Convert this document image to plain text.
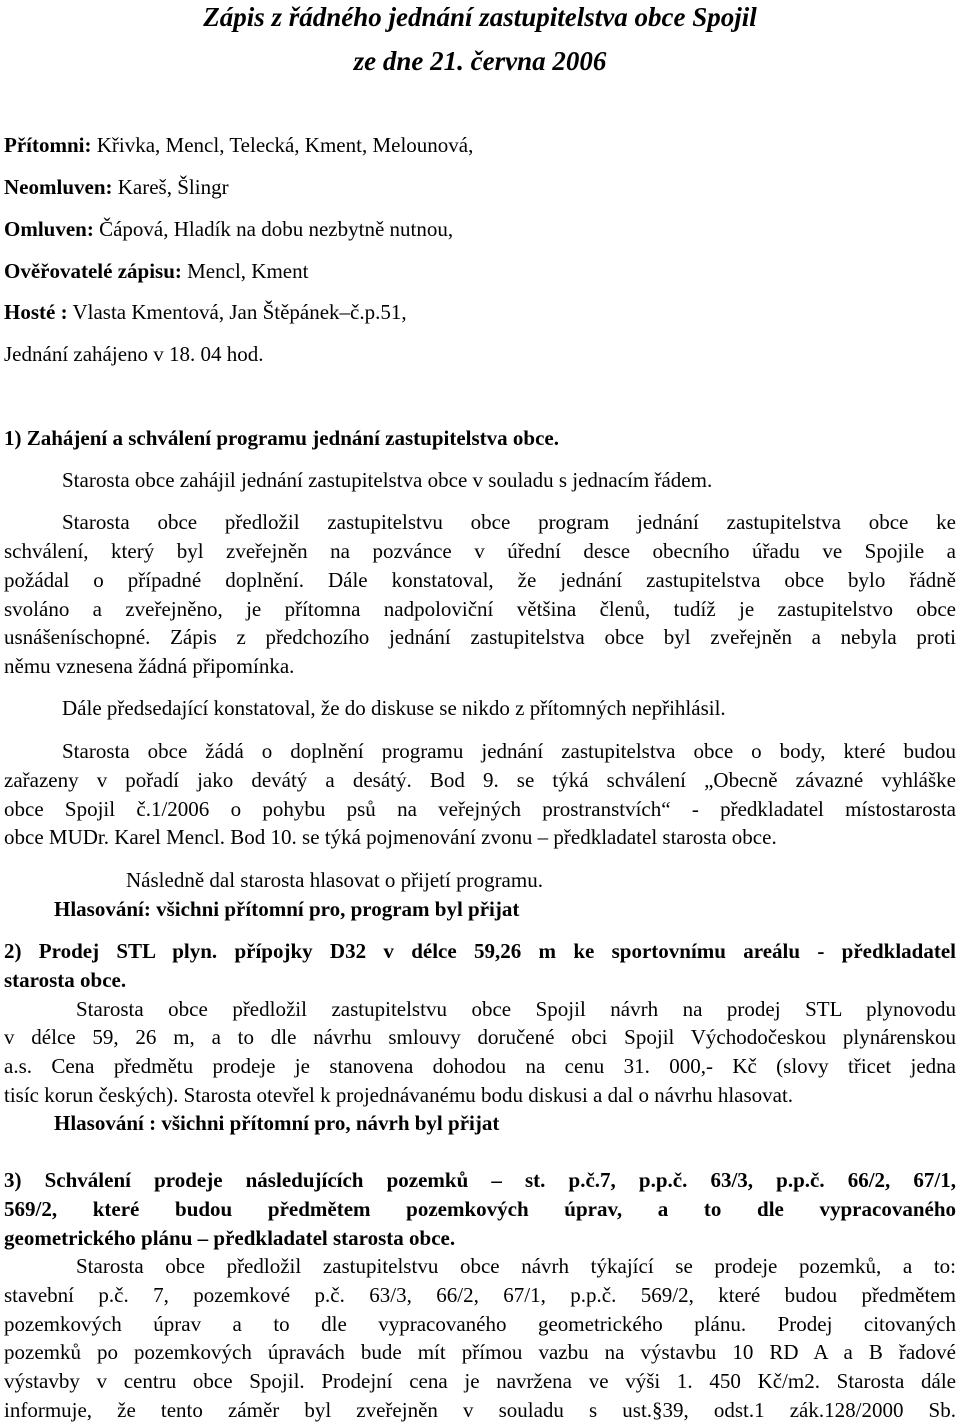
Zápis z řádného jednání zastupitelstva obce Spojil
ze dne 21. června 2006
Přítomni: Křivka, Mencl, Telecká, Kment, Melounová,
Neomluven: Kareš, Šlingr
Omluven: Čápová, Hladík na dobu nezbytně nutnou,
Ověřovatelé zápisu: Mencl, Kment
Hosté : Vlasta Kmentová, Jan Štěpánek–č.p.51,
Jednání zahájeno v 18. 04 hod.
1) Zahájení a schválení programu jednání zastupitelstva obce.
Starosta obce zahájil jednání zastupitelstva obce v souladu s jednacím řádem.
Starosta obce předložil zastupitelstvu obce program jednání zastupitelstva obce ke
schválení, který byl zveřejněn na pozvánce v úřední desce obecního úřadu ve Spojile a
požádal o případné doplnění. Dále konstatoval, že jednání zastupitelstva obce bylo řádně
svoláno a zveřejněno, je přítomna nadpoloviční většina členů, tudíž je zastupitelstvo obce
usnášeníschopné. Zápis z předchozího jednání zastupitelstva obce byl zveřejněn a nebyla proti
němu vznesena žádná připomínka.
Dále předsedající konstatoval, že do diskuse se nikdo z přítomných nepřihlásil.
Starosta obce žádá o doplnění programu jednání zastupitelstva obce o body, které budou
zařazeny v pořadí jako devátý a desátý. Bod 9. se týká schválení „Obecně závazné vyhláške
obce Spojil č.1/2006 o pohybu psů na veřejných prostranstvích“ - předkladatel místostarosta
obce MUDr. Karel Mencl. Bod 10. se týká pojmenování zvonu – předkladatel starosta obce.
Následně dal starosta hlasovat o přijetí programu.
Hlasování: všichni přítomní pro, program byl přijat
2) Prodej STL plyn. přípojky D32 v délce 59,26 m ke sportovnímu areálu - předkladatel
starosta obce.
Starosta obce předložil zastupitelstvu obce Spojil návrh na prodej STL plynovodu
v délce 59, 26 m, a to dle návrhu smlouvy doručené obci Spojil Východočeskou plynárenskou
a.s. Cena předmětu prodeje je stanovena dohodou na cenu 31. 000,- Kč (slovy třicet jedna
tisíc korun českých). Starosta otevřel k projednávanému bodu diskusi a dal o návrhu hlasovat.
Hlasování : všichni přítomní pro, návrh byl přijat
3) Schválení prodeje následujících pozemků – st. p.č.7, p.p.č. 63/3, p.p.č. 66/2, 67/1,
569/2, které budou předmětem pozemkových úprav, a to dle vypracovaného
geometrického plánu – předkladatel starosta obce.
Starosta obce předložil zastupitelstvu obce návrh týkající se prodeje pozemků, a to:
stavební p.č. 7, pozemkové p.č. 63/3, 66/2, 67/1, p.p.č. 569/2, které budou předmětem
pozemkových úprav a to dle vypracovaného geometrického plánu. Prodej citovaných
pozemků po pozemkových úpravách bude mít přímou vazbu na výstavbu 10 RD A a B řadové
výstavby v centru obce Spojil. Prodejní cena je navržena ve výši 1. 450 Kč/m2. Starosta dále
informuje, že tento záměr byl zveřejněn v souladu s ust.§39, odst.1 zák.128/2000 Sb.
